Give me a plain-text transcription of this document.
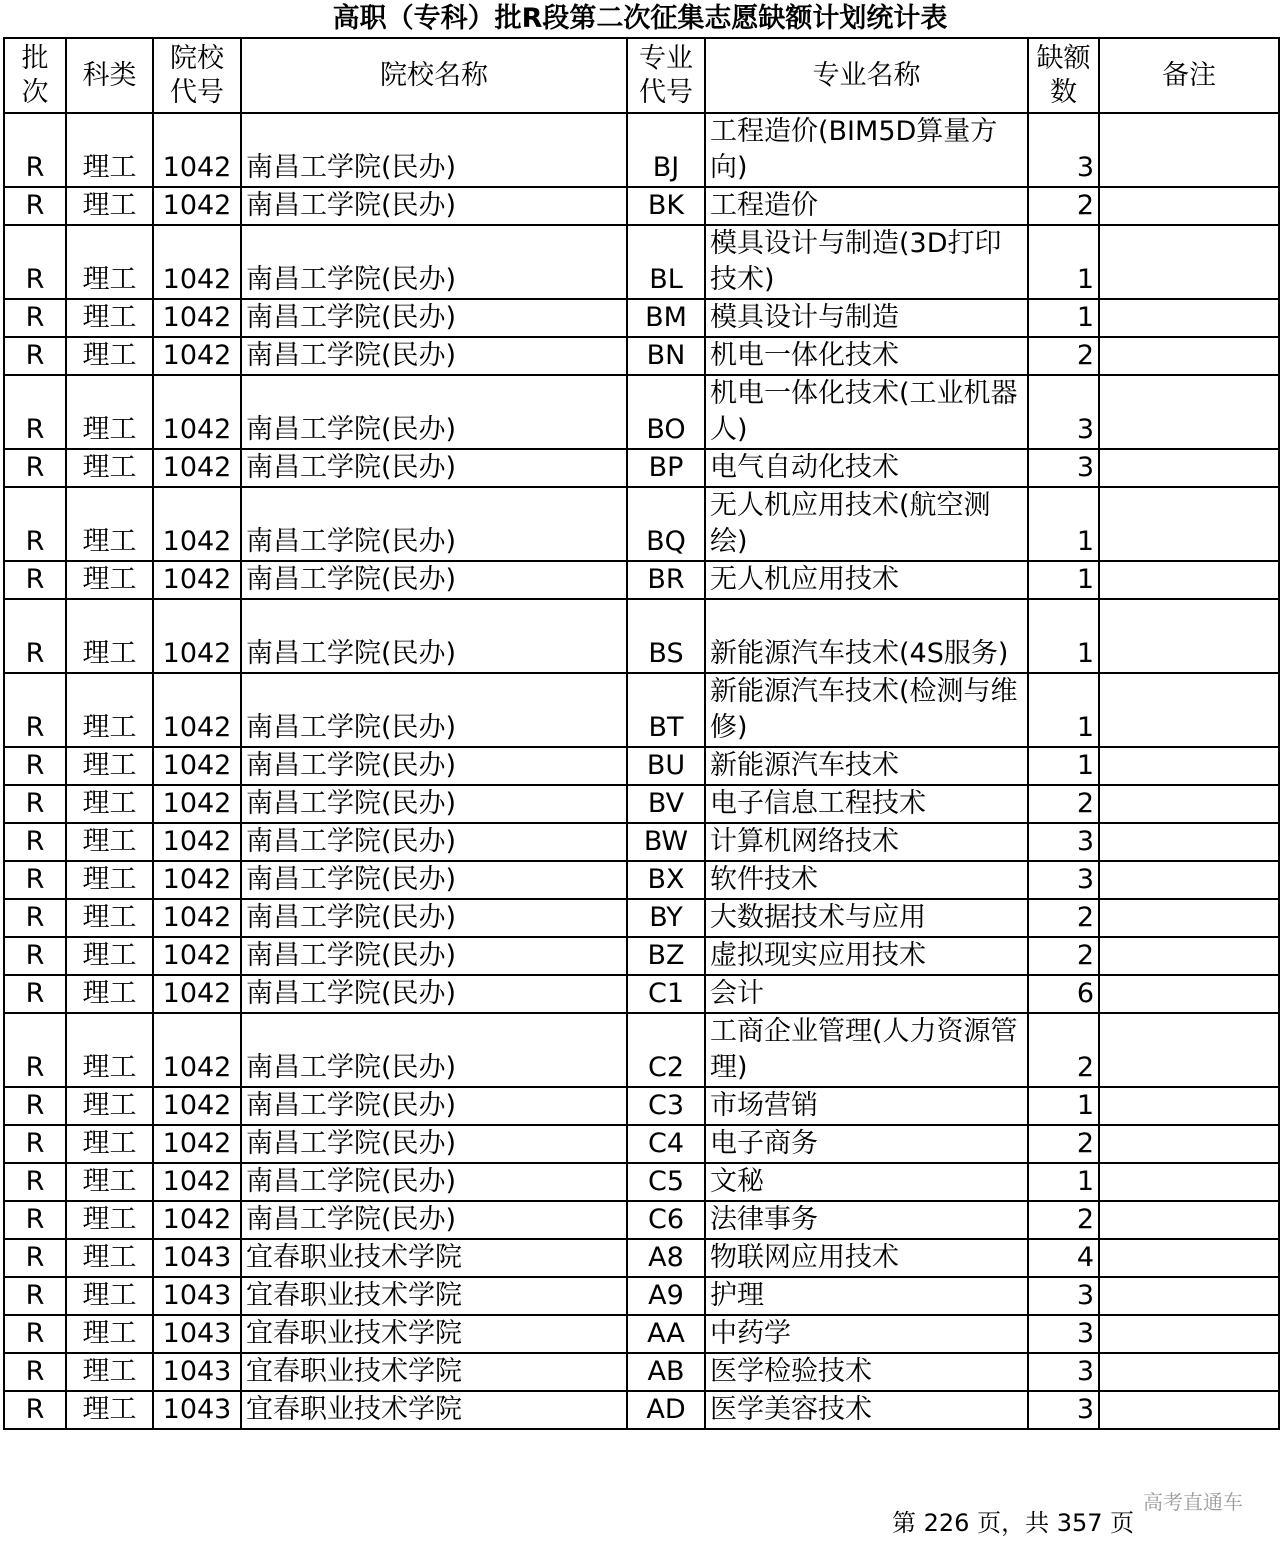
高职（专科）批R段第二次征集志愿缺额计划统计表
批次	科类	院校代号	院校名称	专业代号	专业名称	缺额数	备注
R	理工	1042	南昌工学院(民办)	BJ	工程造价(BIM5D算量方向)	3	
R	理工	1042	南昌工学院(民办)	BK	工程造价	2	
R	理工	1042	南昌工学院(民办)	BL	模具设计与制造(3D打印技术)	1	
R	理工	1042	南昌工学院(民办)	BM	模具设计与制造	1	
R	理工	1042	南昌工学院(民办)	BN	机电一体化技术	2	
R	理工	1042	南昌工学院(民办)	BO	机电一体化技术(工业机器人)	3	
R	理工	1042	南昌工学院(民办)	BP	电气自动化技术	3	
R	理工	1042	南昌工学院(民办)	BQ	无人机应用技术(航空测绘)	1	
R	理工	1042	南昌工学院(民办)	BR	无人机应用技术	1	
R	理工	1042	南昌工学院(民办)	BS	新能源汽车技术(4S服务)	1	
R	理工	1042	南昌工学院(民办)	BT	新能源汽车技术(检测与维修)	1	
R	理工	1042	南昌工学院(民办)	BU	新能源汽车技术	1	
R	理工	1042	南昌工学院(民办)	BV	电子信息工程技术	2	
R	理工	1042	南昌工学院(民办)	BW	计算机网络技术	3	
R	理工	1042	南昌工学院(民办)	BX	软件技术	3	
R	理工	1042	南昌工学院(民办)	BY	大数据技术与应用	2	
R	理工	1042	南昌工学院(民办)	BZ	虚拟现实应用技术	2	
R	理工	1042	南昌工学院(民办)	C1	会计	6	
R	理工	1042	南昌工学院(民办)	C2	工商企业管理(人力资源管理)	2	
R	理工	1042	南昌工学院(民办)	C3	市场营销	1	
R	理工	1042	南昌工学院(民办)	C4	电子商务	2	
R	理工	1042	南昌工学院(民办)	C5	文秘	1	
R	理工	1042	南昌工学院(民办)	C6	法律事务	2	
R	理工	1043	宜春职业技术学院	A8	物联网应用技术	4	
R	理工	1043	宜春职业技术学院	A9	护理	3	
R	理工	1043	宜春职业技术学院	AA	中药学	3	
R	理工	1043	宜春职业技术学院	AB	医学检验技术	3	
R	理工	1043	宜春职业技术学院	AD	医学美容技术	3	
高考直通车
第 226 页，共 357 页
